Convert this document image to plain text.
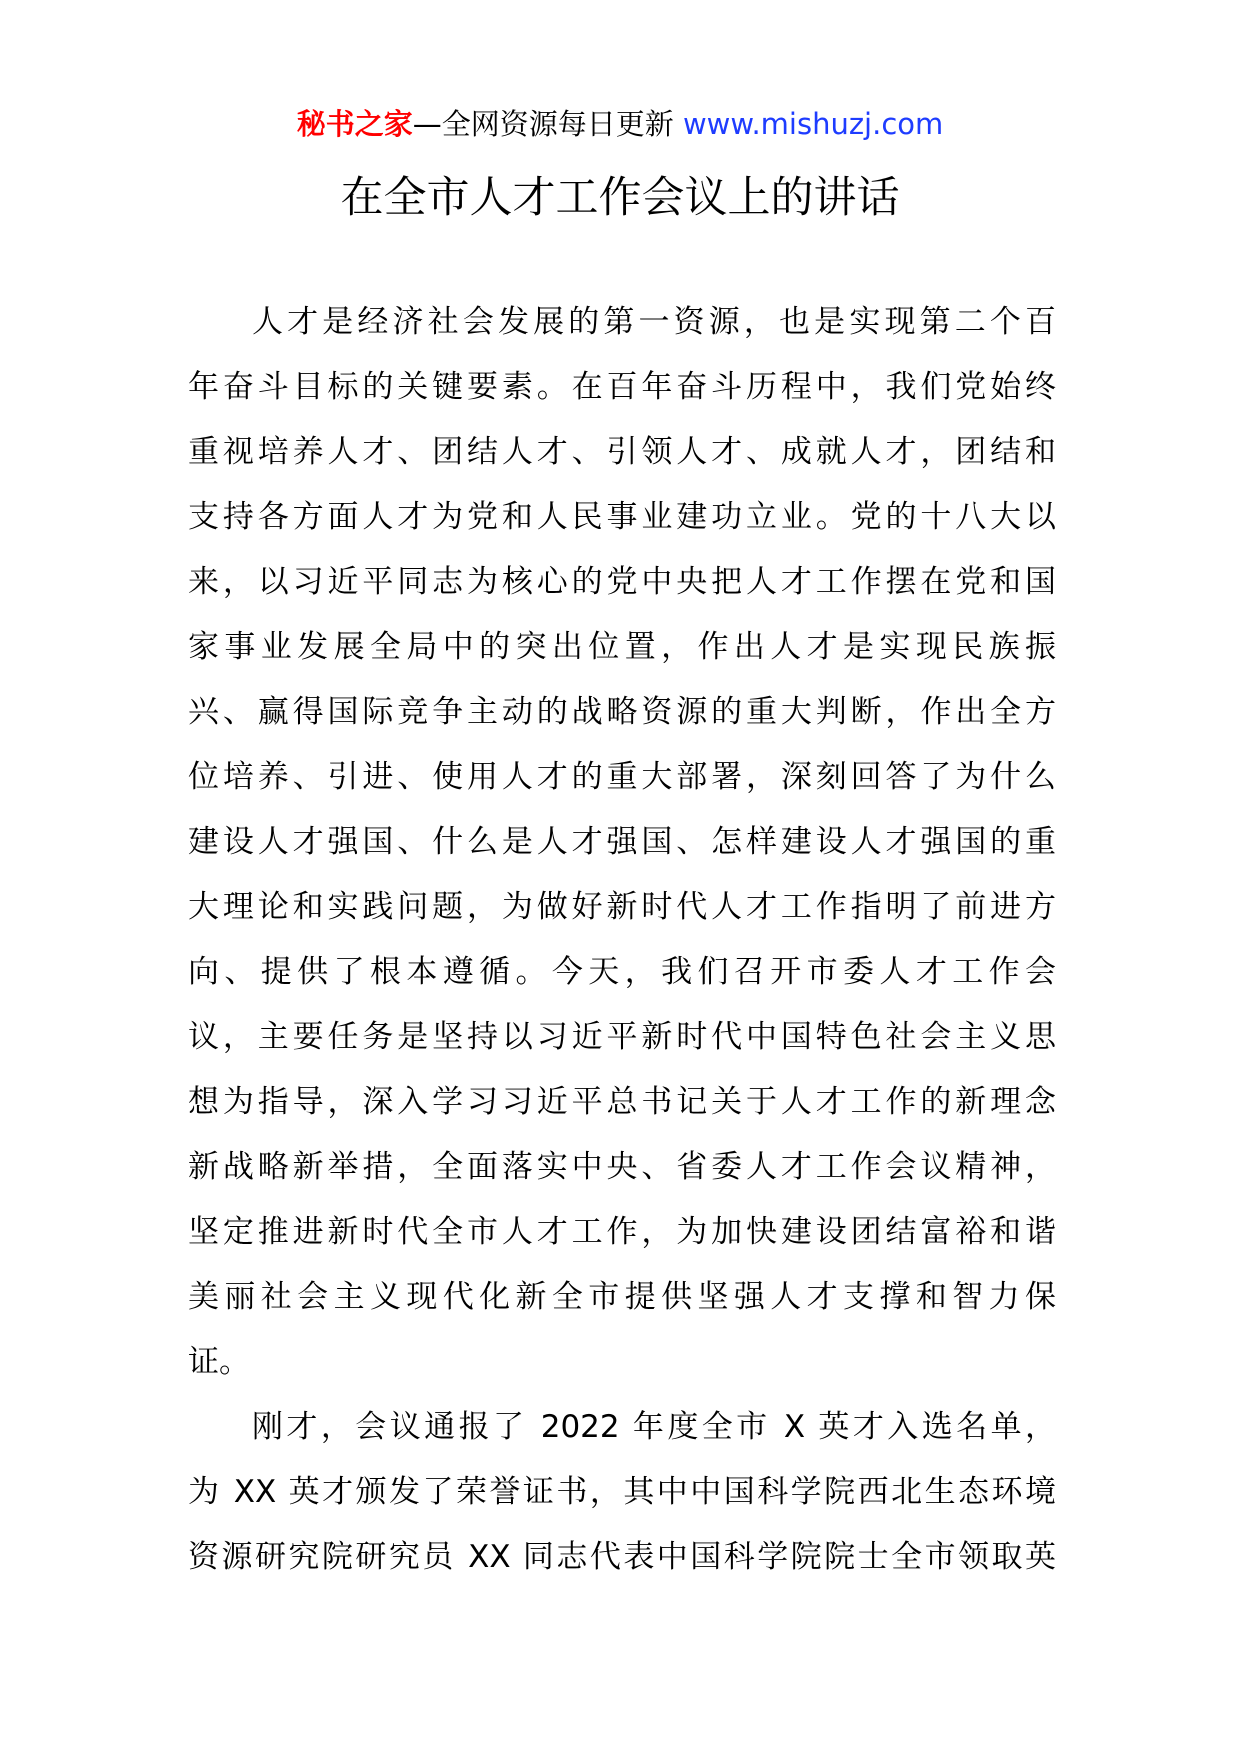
秘书之家—全网资源每日更新 www.mishuzj.com
在全市人才工作会议上的讲话
人才是经济社会发展的第一资源，也是实现第二个百
年奋斗目标的关键要素。在百年奋斗历程中，我们党始终
重视培养人才、团结人才、引领人才、成就人才，团结和
支持各方面人才为党和人民事业建功立业。党的十八大以
来，以习近平同志为核心的党中央把人才工作摆在党和国
家事业发展全局中的突出位置，作出人才是实现民族振
兴、赢得国际竞争主动的战略资源的重大判断，作出全方
位培养、引进、使用人才的重大部署，深刻回答了为什么
建设人才强国、什么是人才强国、怎样建设人才强国的重
大理论和实践问题，为做好新时代人才工作指明了前进方
向、提供了根本遵循。今天，我们召开市委人才工作会
议，主要任务是坚持以习近平新时代中国特色社会主义思
想为指导，深入学习习近平总书记关于人才工作的新理念
新战略新举措，全面落实中央、省委人才工作会议精神，
坚定推进新时代全市人才工作，为加快建设团结富裕和谐
美丽社会主义现代化新全市提供坚强人才支撑和智力保
证。
刚才，会议通报了 2022 年度全市 X 英才入选名单，
为 XX 英才颁发了荣誉证书，其中中国科学院西北生态环境
资源研究院研究员 XX 同志代表中国科学院院士全市领取英
